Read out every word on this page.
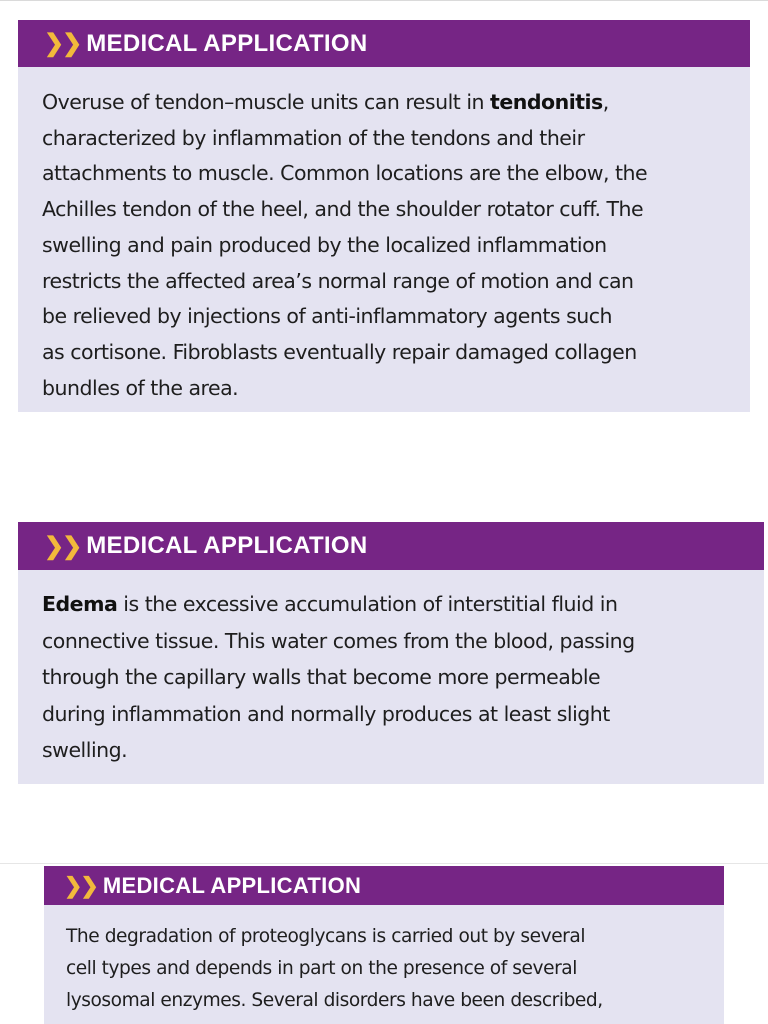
❯❯ MEDICAL APPLICATION

Overuse of tendon–muscle units can result in tendonitis,

characterized by inflammation of the tendons and their

attachments to muscle. Common locations are the elbow, the

Achilles tendon of the heel, and the shoulder rotator cuff. The

swelling and pain produced by the localized inflammation

restricts the affected area’s normal range of motion and can

be relieved by injections of anti-inflammatory agents such

as cortisone. Fibroblasts eventually repair damaged collagen

bundles of the area.

❯❯ MEDICAL APPLICATION

Edema is the excessive accumulation of interstitial fluid in

connective tissue. This water comes from the blood, passing

through the capillary walls that become more permeable

during inflammation and normally produces at least slight

swelling.

❯❯ MEDICAL APPLICATION

The degradation of proteoglycans is carried out by several

cell types and depends in part on the presence of several

lysosomal enzymes. Several disorders have been described,
